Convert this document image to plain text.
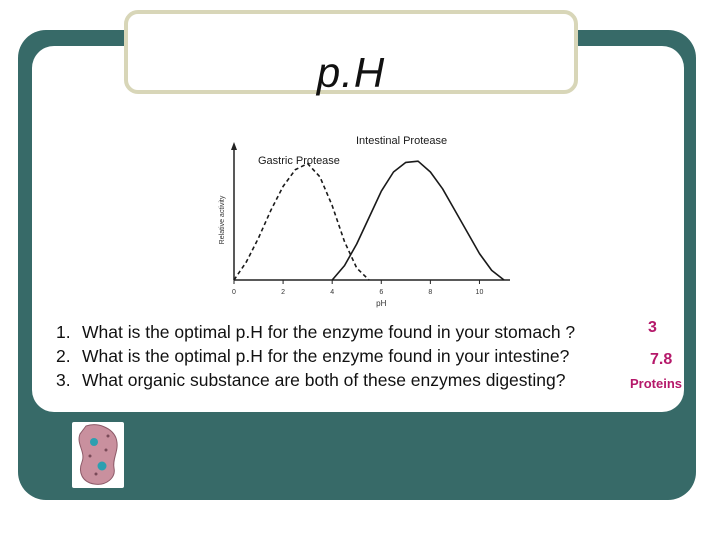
p.H
0	2	4	6	8	10
pH
Relative activity
Gastric Protease
Intestinal Protease
1. What is the optimal p.H for the enzyme found in your stomach ?	3
2. What is the optimal p.H for the enzyme found in your intestine?	7.8
3. What organic substance are both of these enzymes digesting?	Proteins
